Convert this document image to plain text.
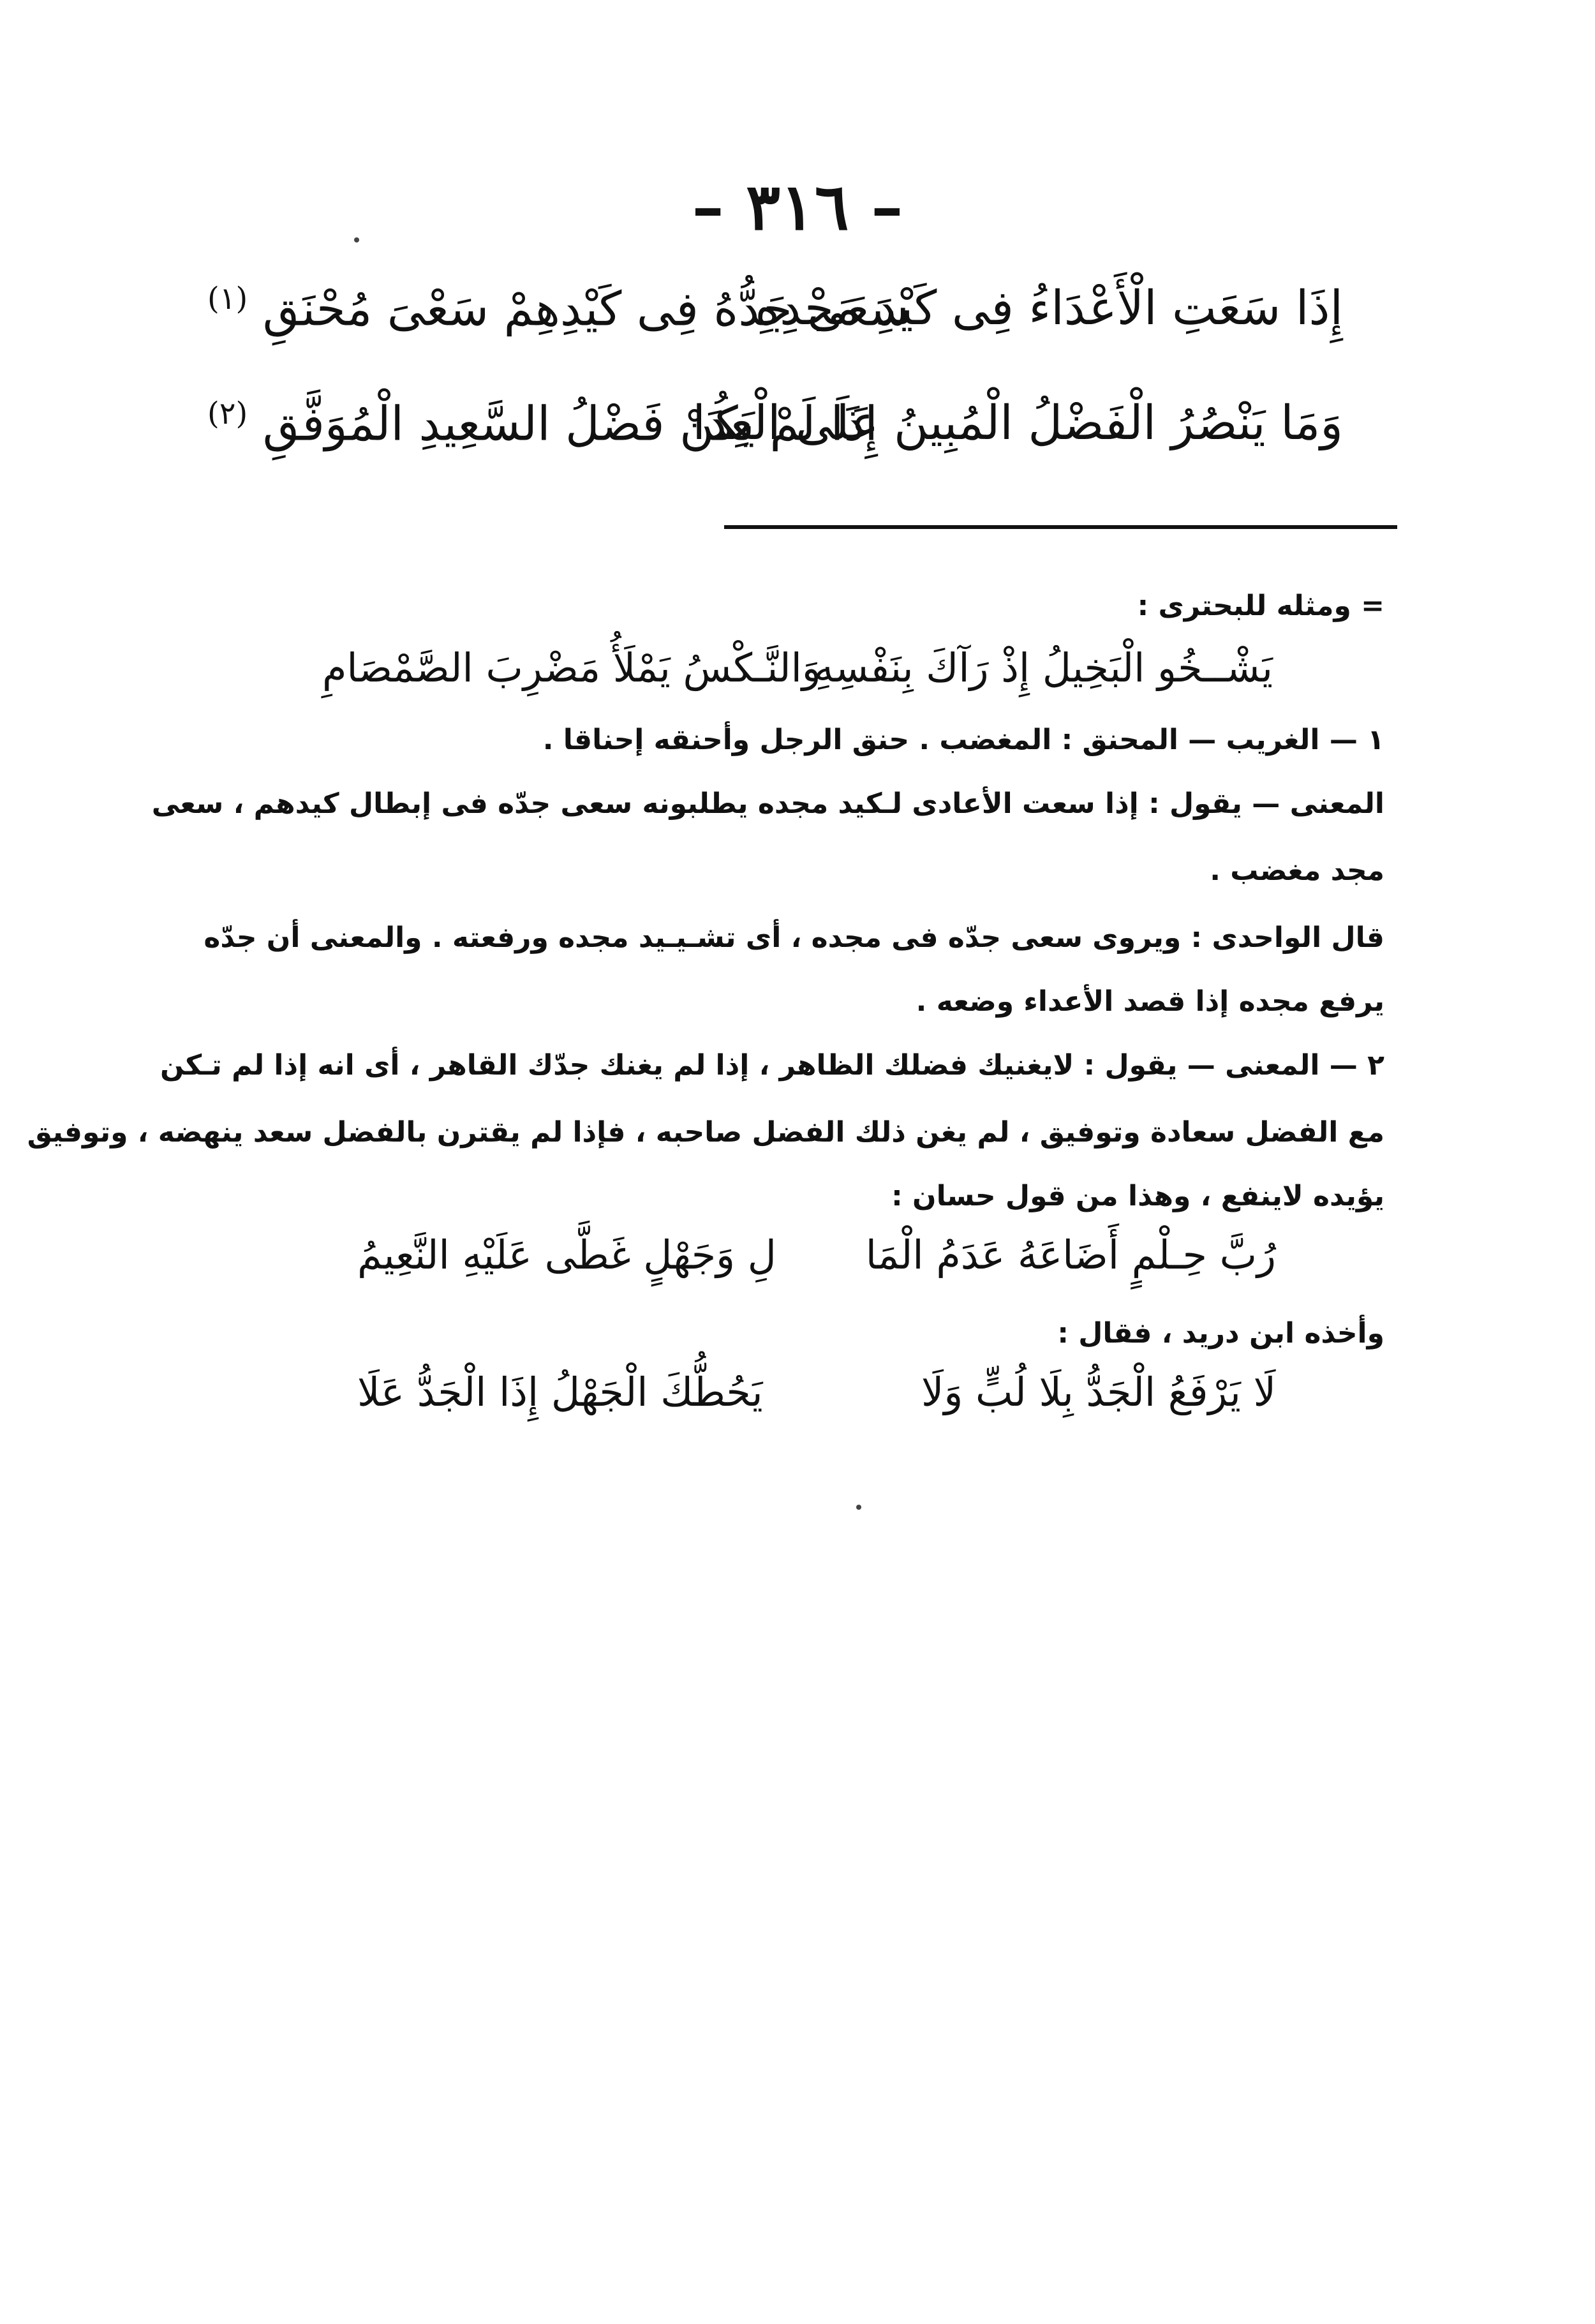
– ٣١٦ –
إِذَا سَعَتِ الْأَعْدَاءُ فِى كَيْدِ مَجْدِهِ
سَعَى جَدُّهُ فِى كَيْدِهِمْ سَعْىَ مُحْنَقِ $^{(١)}$
وَمَا يَنْصُرُ الْفَضْلُ الْمُبِينُ عَلَى الْعِدَا
إِذَا لَمْ يَكُنْ فَضْلُ السَّعِيدِ الْمُوَفَّقِ $^{(٢)}$
= ومثله للبحترى :
يَشْــخُو الْبَخِيلُ إِذْ رَآكَ بِنَفْسِهِ
وَالنَّـكْسُ يَمْلَأُ مَضْرِبَ الصَّمْصَامِ
١ — الغريب — المحنق : المغضب . حنق الرجل وأحنقه إحناقا .
المعنى — يقول : إذا سعت الأعادى لـكيد مجده يطلبونه سعى جدّه فى إبطال كيدهم ، سعى
مجد مغضب .
قال الواحدى : ويروى سعى جدّه فى مجده ، أى تشـيـيد مجده ورفعته . والمعنى أن جدّه
يرفع مجده إذا قصد الأعداء وضعه .
٢ — المعنى — يقول : لايغنيك فضلك الظاهر ، إذا لم يغنك جدّك القاهر ، أى انه إذا لم تـكن
مع الفضل سعادة وتوفيق ، لم يغن ذلك الفضل صاحبه ، فإذا لم يقترن بالفضل سعد ينهضه ، وتوفيق
يؤيده لاينفع ، وهذا من قول حسان :
رُبَّ حِـلْمٍ أَضَاعَهُ عَدَمُ الْمَا
لِ وَجَهْلٍ غَطَّى عَلَيْهِ النَّعِيمُ
وأخذه ابن دريد ، فقال :
لَا يَرْفَعُ الْجَدُّ بِلَا لُبٍّ وَلَا
يَحُطُّكَ الْجَهْلُ إِذَا الْجَدُّ عَلَا
